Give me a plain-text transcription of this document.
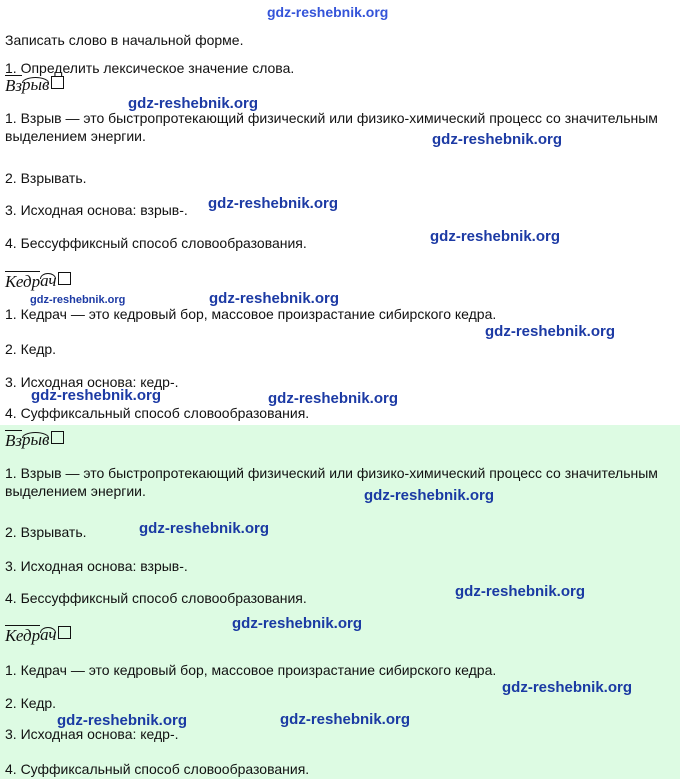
Записать слово в начальной форме.
1. Определить лексическое значение слова.
Взрыв
1. Взрыв — это быстропротекающий физический или физико-химический процесс со значительным выделением энергии.
2. Взрывать.
3. Исходная основа: взрыв-.
4. Бессуффиксный способ словообразования.
Кедрач
1. Кедрач — это кедровый бор, массовое произрастание сибирского кедра.
2. Кедр.
3. Исходная основа: кедр-.
4. Суффиксальный способ словообразования.
Взрыв
1. Взрыв — это быстропротекающий физический или физико-химический процесс со значительным выделением энергии.
2. Взрывать.
3. Исходная основа: взрыв-.
4. Бессуффиксный способ словообразования.
Кедрач
1. Кедрач — это кедровый бор, массовое произрастание сибирского кедра.
2. Кедр.
3. Исходная основа: кедр-.
4. Суффиксальный способ словообразования.
gdz-reshebnik.org
gdz-reshebnik.org
gdz-reshebnik.org
gdz-reshebnik.org
gdz-reshebnik.org
gdz-reshebnik.org	gdz-reshebnik.org
gdz-reshebnik.org
gdz-reshebnik.org
gdz-reshebnik.org
gdz-reshebnik.org
gdz-reshebnik.org
gdz-reshebnik.org
gdz-reshebnik.org
gdz-reshebnik.org
gdz-reshebnik.org	gdz-reshebnik.org
